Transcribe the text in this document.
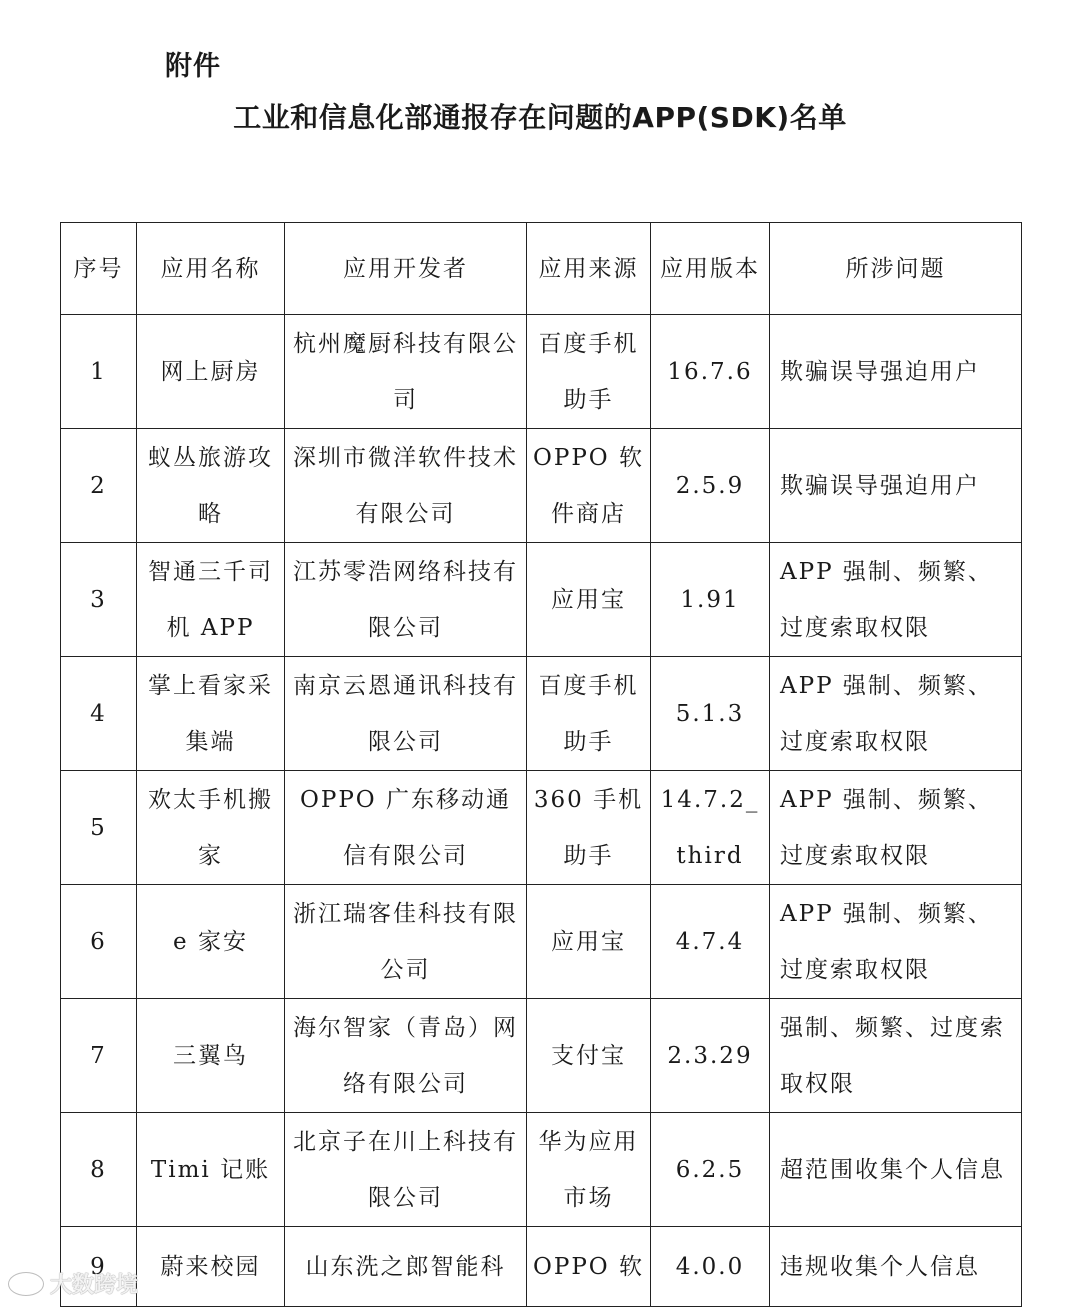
附件
工业和信息化部通报存在问题的APP(SDK)名单
序号	应用名称	应用开发者	应用来源	应用版本	所涉问题
1	网上厨房	杭州魔厨科技有限公司	百度手机助手	16.7.6	欺骗误导强迫用户
2	蚁丛旅游攻略	深圳市微洋软件技术有限公司	OPPO 软件商店	2.5.9	欺骗误导强迫用户
3	智通三千司机 APP	江苏零浩网络科技有限公司	应用宝	1.91	APP 强制、频繁、过度索取权限
4	掌上看家采集端	南京云恩通讯科技有限公司	百度手机助手	5.1.3	APP 强制、频繁、过度索取权限
5	欢太手机搬家	OPPO 广东移动通信有限公司	360 手机助手	14.7.2_third	APP 强制、频繁、过度索取权限
6	e 家安	浙江瑞客佳科技有限公司	应用宝	4.7.4	APP 强制、频繁、过度索取权限
7	三翼鸟	海尔智家（青岛）网络有限公司	支付宝	2.3.29	强制、频繁、过度索取权限
8	Timi 记账	北京子在川上科技有限公司	华为应用市场	6.2.5	超范围收集个人信息
9	蔚来校园	山东洗之郎智能科	OPPO 软	4.0.0	违规收集个人信息
大数跨境
